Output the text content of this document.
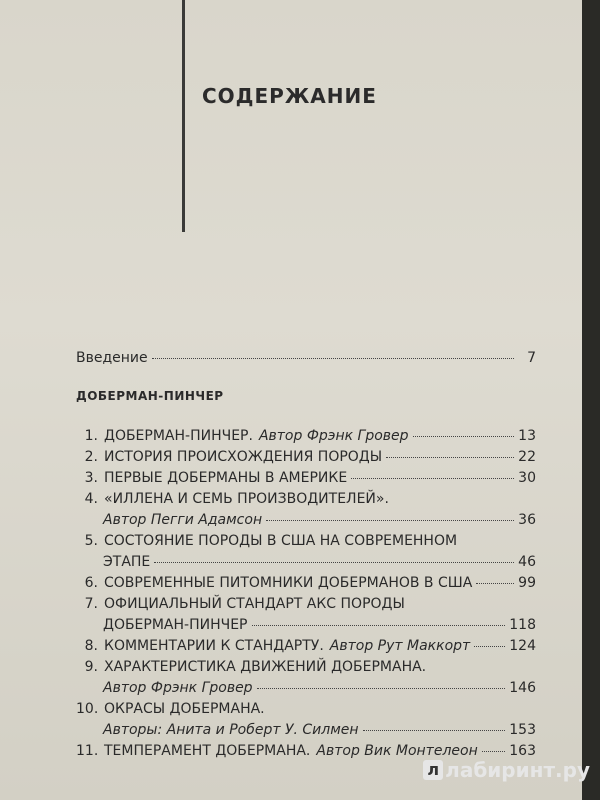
СОДЕРЖАНИЕ
Введение	7
ДОБЕРМАН-ПИНЧЕР
1. ДОБЕРМАН-ПИНЧЕР. Автор Фрэнк Гровер	13
2. ИСТОРИЯ ПРОИСХОЖДЕНИЯ ПОРОДЫ	22
3. ПЕРВЫЕ ДОБЕРМАНЫ В АМЕРИКЕ	30
4. «ИЛЛЕНА И СЕМЬ ПРОИЗВОДИТЕЛЕЙ».
Автор Пегги Адамсон	36
5. СОСТОЯНИЕ ПОРОДЫ В США НА СОВРЕМЕННОМ
ЭТАПЕ	46
6. СОВРЕМЕННЫЕ ПИТОМНИКИ ДОБЕРМАНОВ В США	99
7. ОФИЦИАЛЬНЫЙ СТАНДАРТ АКС ПОРОДЫ
ДОБЕРМАН-ПИНЧЕР	118
8. КОММЕНТАРИИ К СТАНДАРТУ. Автор Рут Маккорт	124
9. ХАРАКТЕРИСТИКА ДВИЖЕНИЙ ДОБЕРМАНА.
Автор Фрэнк Гровер	146
10. ОКРАСЫ ДОБЕРМАНА.
Авторы: Анита и Роберт У. Силмен	153
11. ТЕМПЕРАМЕНТ ДОБЕРМАНА. Автор Вик Монтелеон 163
л лабиринт.ру
